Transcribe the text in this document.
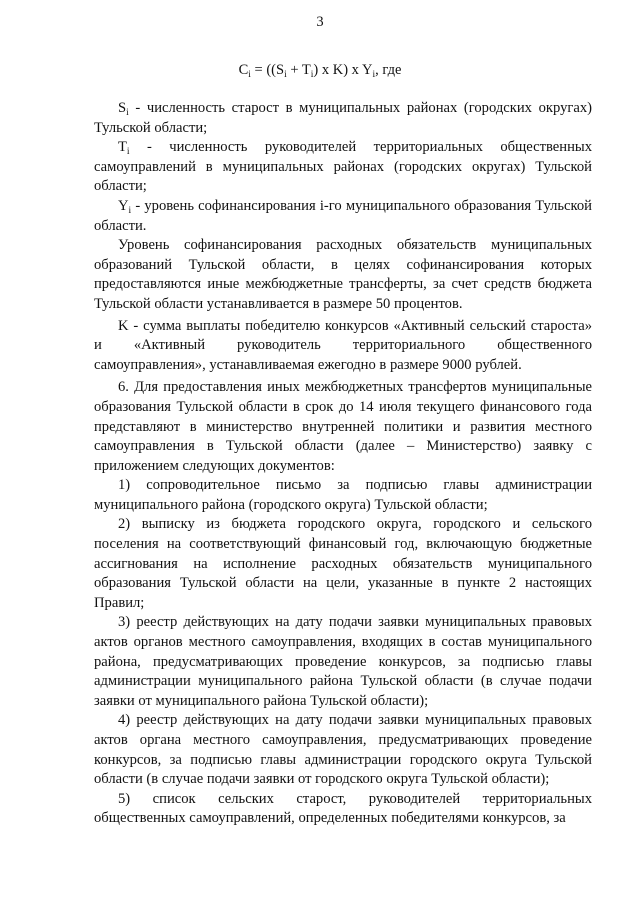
3
$C_i = ((S_i + T_i)$ x K) x $Y_i$, где

$S_i$ - численность старост в муниципальных районах (городских округах) Тульской области;

$T_i$ - численность руководителей территориальных общественных самоуправлений в муниципальных районах (городских округах) Тульской области;

$Y_i$ - уровень софинансирования i-го муниципального образования Тульской области.

Уровень софинансирования расходных обязательств муниципальных образований Тульской области, в целях софинансирования которых предоставляются иные межбюджетные трансферты, за счет средств бюджета Тульской области устанавливается в размере 50 процентов.

K - сумма выплаты победителю конкурсов «Активный сельский староста» и «Активный руководитель территориального общественного самоуправления», устанавливаемая ежегодно в размере 9000 рублей.

6. Для предоставления иных межбюджетных трансфертов муниципальные образования Тульской области в срок до 14 июля текущего финансового года представляют в министерство внутренней политики и развития местного самоуправления в Тульской области (далее – Министерство) заявку с приложением следующих документов:

1) сопроводительное письмо за подписью главы администрации муниципального района (городского округа) Тульской области;

2) выписку из бюджета городского округа, городского и сельского поселения на соответствующий финансовый год, включающую бюджетные ассигнования на исполнение расходных обязательств муниципального образования Тульской области на цели, указанные в пункте 2 настоящих Правил;

3) реестр действующих на дату подачи заявки муниципальных правовых актов органов местного самоуправления, входящих в состав муниципального района, предусматривающих проведение конкурсов, за подписью главы администрации муниципального района Тульской области (в случае подачи заявки от муниципального района Тульской области);

4) реестр действующих на дату подачи заявки муниципальных правовых актов органа местного самоуправления, предусматривающих проведение конкурсов, за подписью главы администрации городского округа Тульской области (в случае подачи заявки от городского округа Тульской области);

5) список сельских старост, руководителей территориальных общественных самоуправлений, определенных победителями конкурсов, за
